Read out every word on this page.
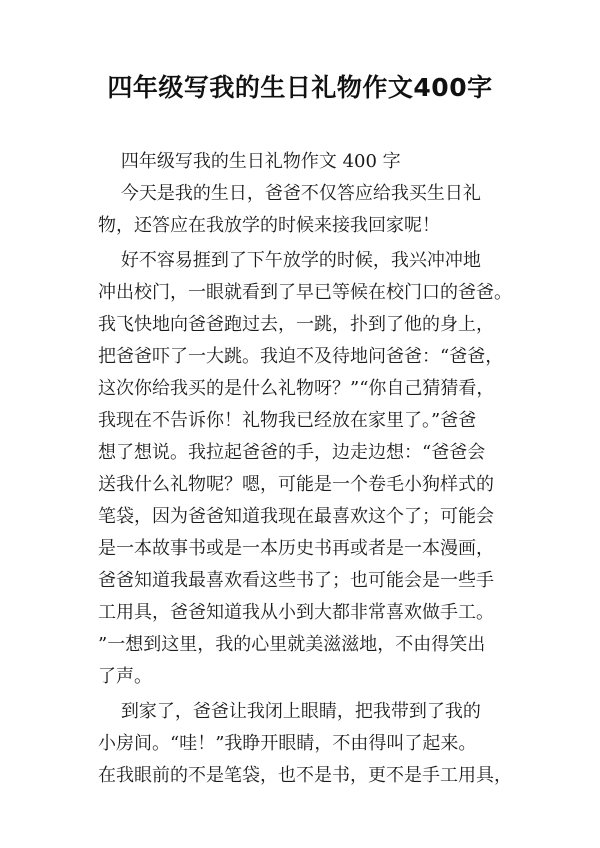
四年级写我的生日礼物作文400字
四年级写我的生日礼物作文 400 字
今天是我的生日，爸爸不仅答应给我买生日礼
物，还答应在我放学的时候来接我回家呢！
好不容易捱到了下午放学的时候，我兴冲冲地
冲出校门，一眼就看到了早已等候在校门口的爸爸。
我飞快地向爸爸跑过去，一跳，扑到了他的身上，
把爸爸吓了一大跳。我迫不及待地问爸爸：“爸爸，
这次你给我买的是什么礼物呀？”“你自己猜猜看，
我现在不告诉你！礼物我已经放在家里了。”爸爸
想了想说。我拉起爸爸的手，边走边想：“爸爸会
送我什么礼物呢？嗯，可能是一个卷毛小狗样式的
笔袋，因为爸爸知道我现在最喜欢这个了；可能会
是一本故事书或是一本历史书再或者是一本漫画，
爸爸知道我最喜欢看这些书了；也可能会是一些手
工用具，爸爸知道我从小到大都非常喜欢做手工。
”一想到这里，我的心里就美滋滋地，不由得笑出
了声。
到家了，爸爸让我闭上眼睛，把我带到了我的
小房间。“哇！”我睁开眼睛，不由得叫了起来。
在我眼前的不是笔袋，也不是书，更不是手工用具，
